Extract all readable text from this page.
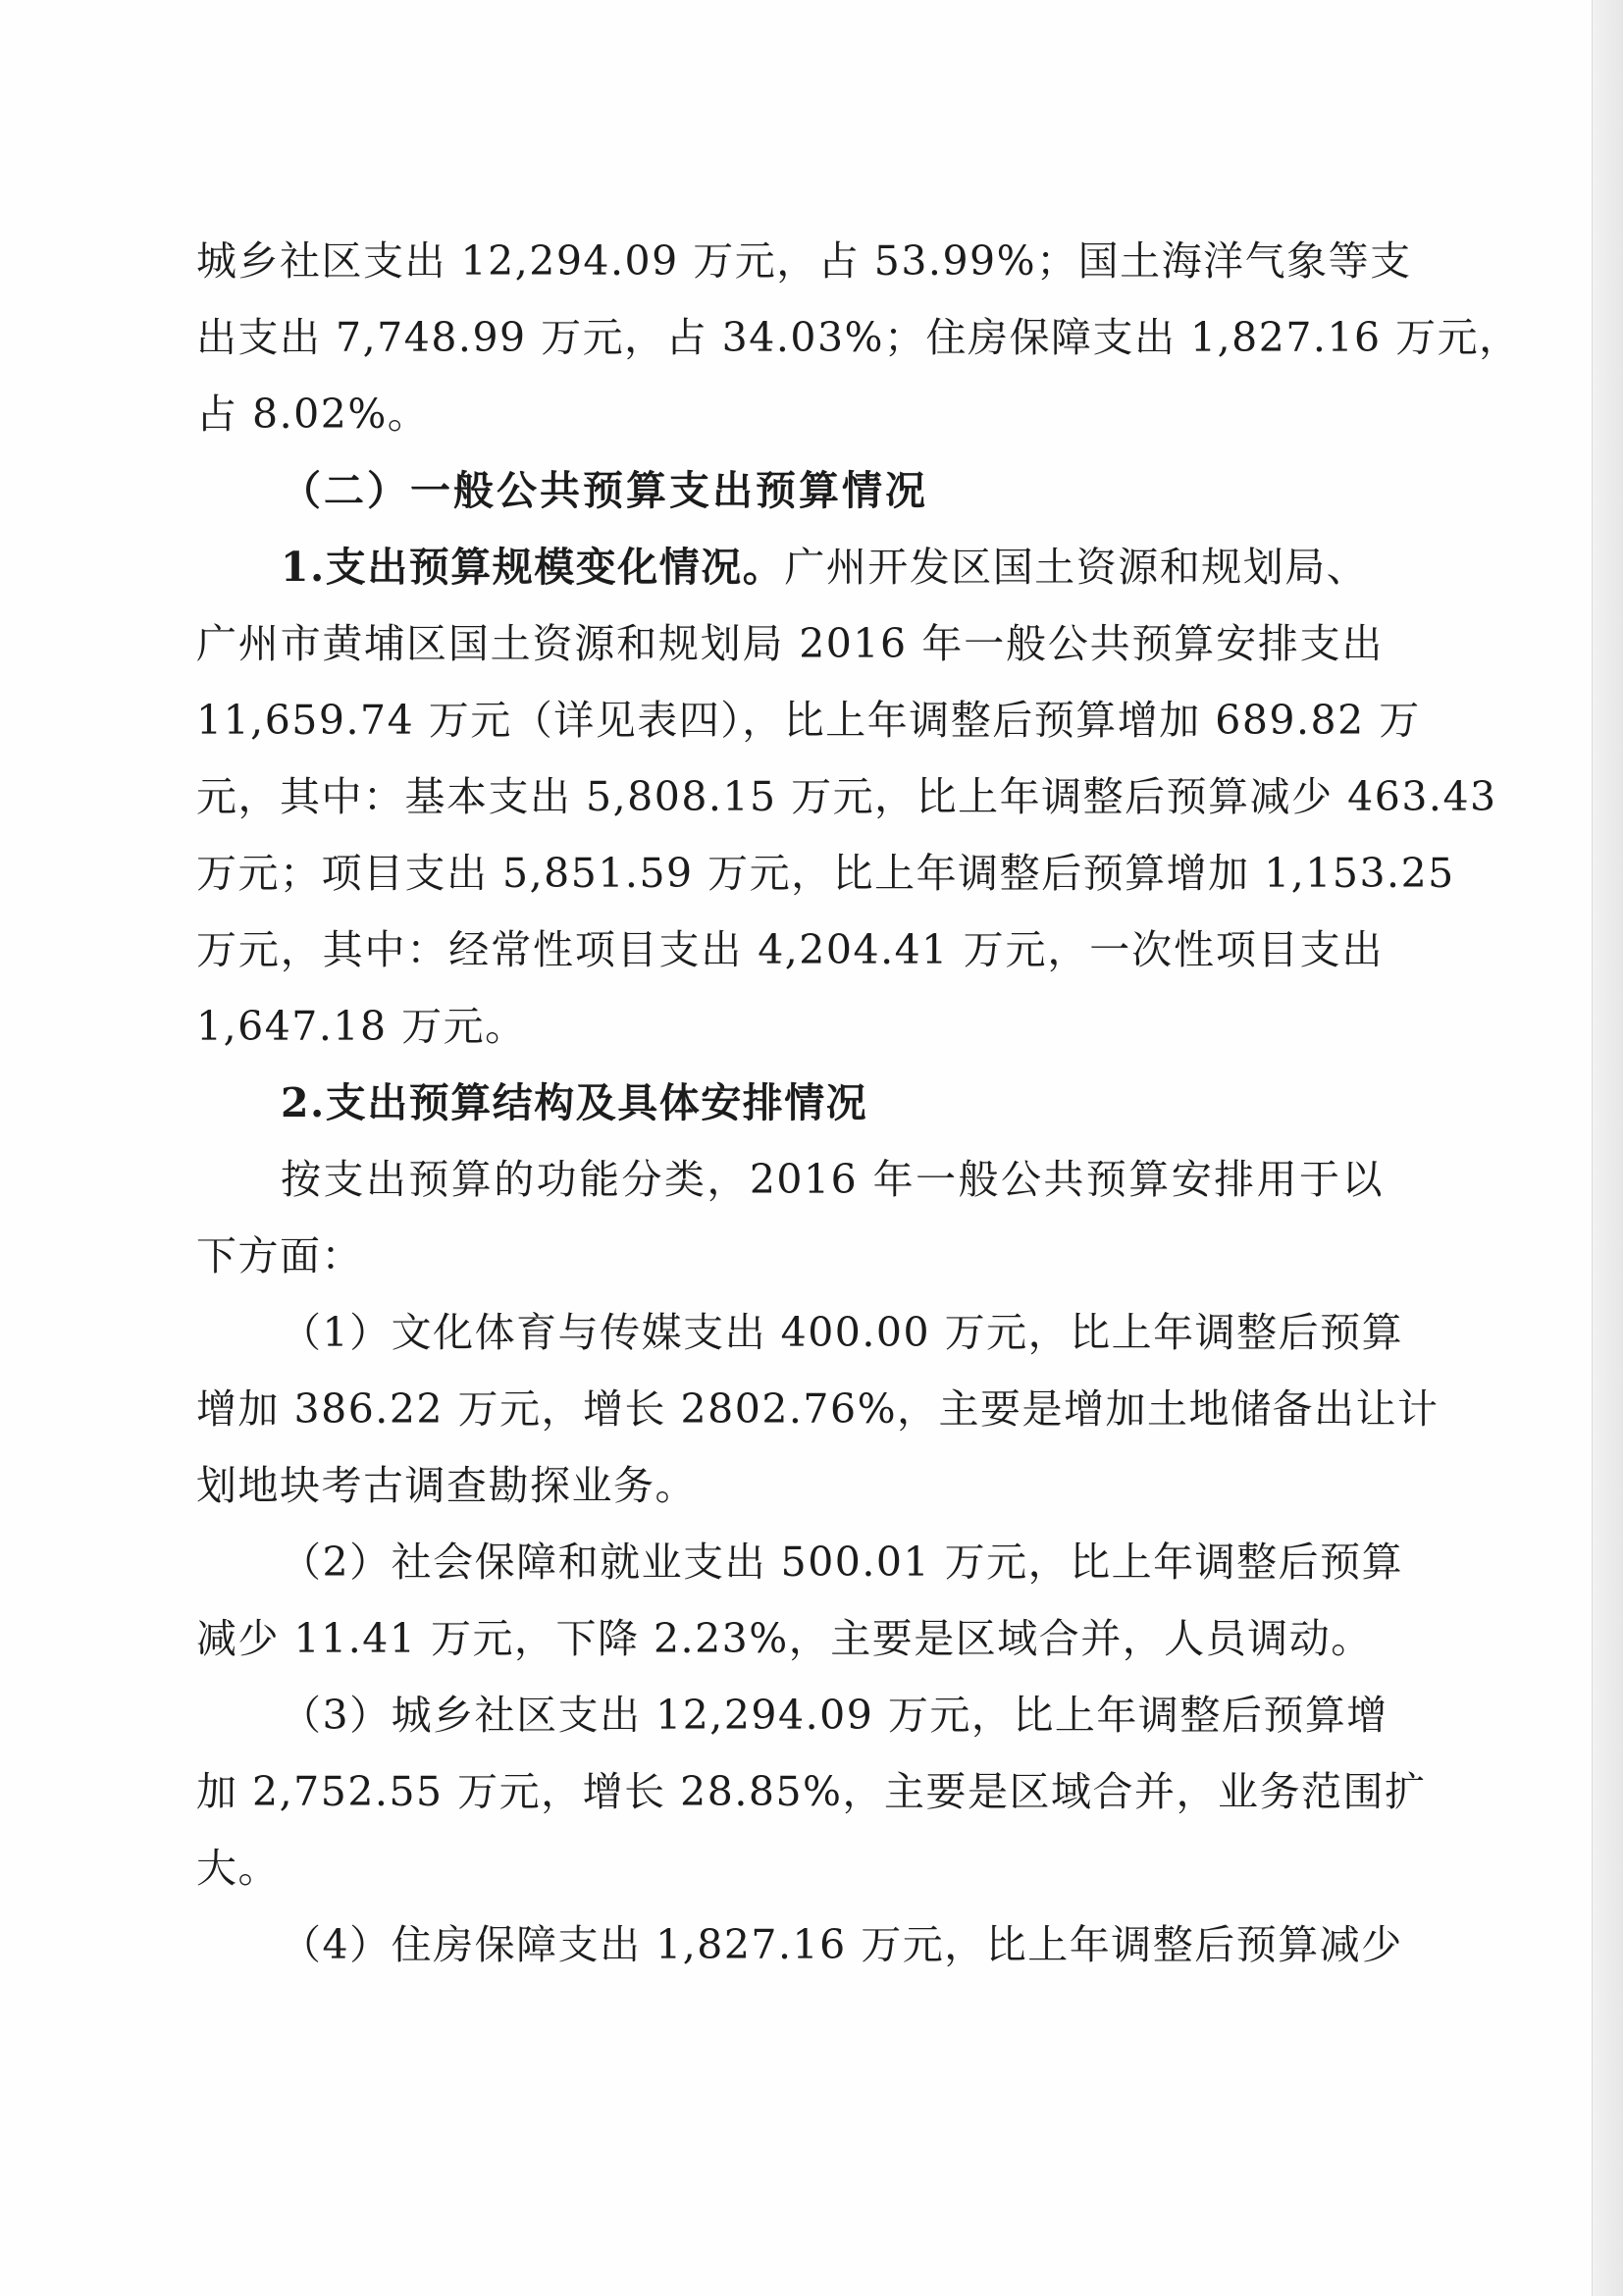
城乡社区支出 12,294.09 万元，占 53.99%；国土海洋气象等支
出支出 7,748.99 万元，占 34.03%；住房保障支出 1,827.16 万元，
占 8.02%。
（二）一般公共预算支出预算情况
1.支出预算规模变化情况。广州开发区国土资源和规划局、
广州市黄埔区国土资源和规划局 2016 年一般公共预算安排支出
11,659.74 万元（详见表四），比上年调整后预算增加 689.82 万
元，其中：基本支出 5,808.15 万元，比上年调整后预算减少 463.43
万元；项目支出 5,851.59 万元，比上年调整后预算增加 1,153.25
万元，其中：经常性项目支出 4,204.41 万元，一次性项目支出
1,647.18 万元。
2.支出预算结构及具体安排情况
按支出预算的功能分类，2016 年一般公共预算安排用于以
下方面：
（1）文化体育与传媒支出 400.00 万元，比上年调整后预算
增加 386.22 万元，增长 2802.76%，主要是增加土地储备出让计
划地块考古调查勘探业务。
（2）社会保障和就业支出 500.01 万元，比上年调整后预算
减少 11.41 万元，下降 2.23%，主要是区域合并，人员调动。
（3）城乡社区支出 12,294.09 万元，比上年调整后预算增
加 2,752.55 万元，增长 28.85%，主要是区域合并，业务范围扩
大。
（4）住房保障支出 1,827.16 万元，比上年调整后预算减少
